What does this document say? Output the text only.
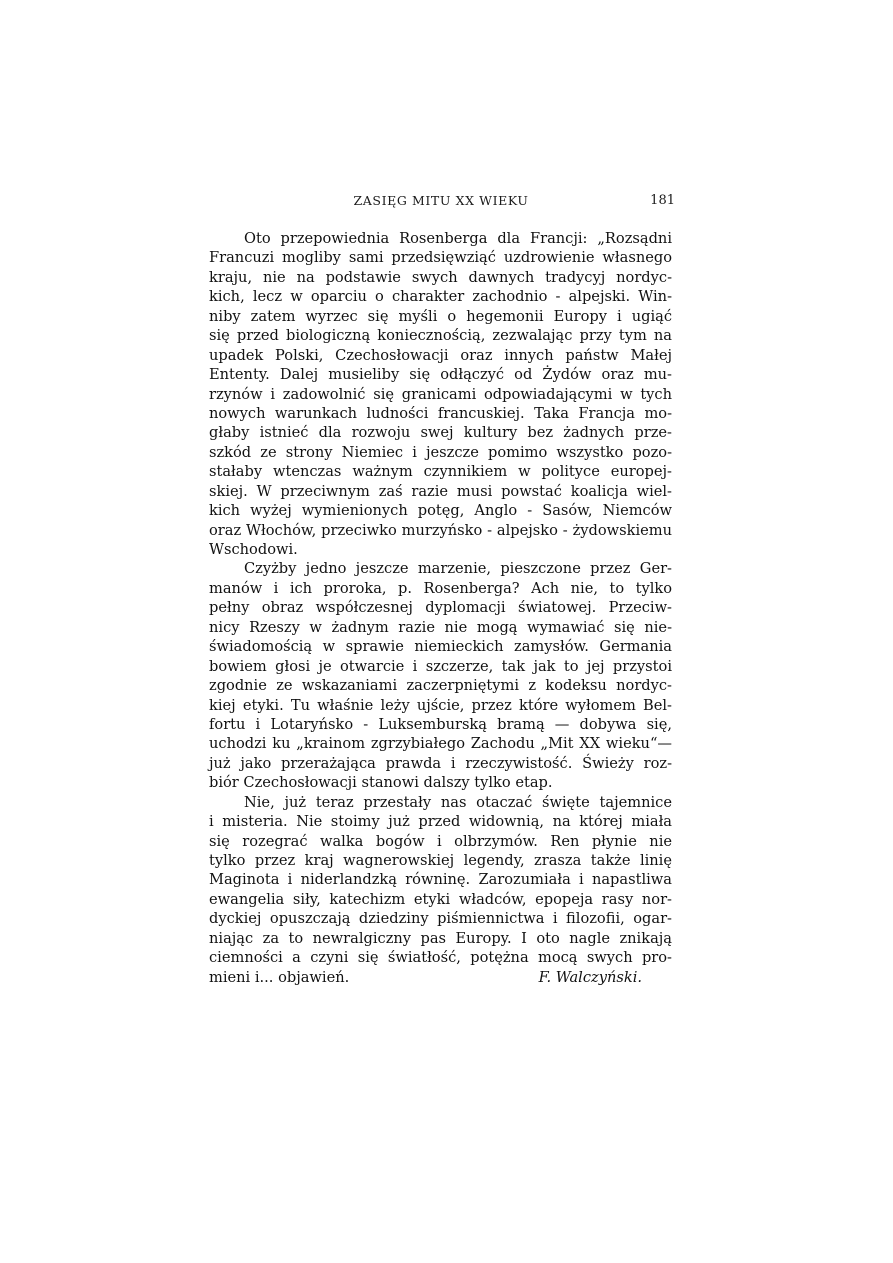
ZASIĘG MITU XX WIEKU	181
Oto przepowiednia Rosenberga dla Francji: „Rozsądni
Francuzi mogliby sami przedsięwziąć uzdrowienie własnego
kraju, nie na podstawie swych dawnych tradycyj nordyc-
kich, lecz w oparciu o charakter zachodnio - alpejski. Win-
niby zatem wyrzec się myśli o hegemonii Europy i ugiąć
się przed biologiczną koniecznością, zezwalając przy tym na
upadek Polski, Czechosłowacji oraz innych państw Małej
Ententy. Dalej musieliby się odłączyć od Żydów oraz mu-
rzynów i zadowolnić się granicami odpowiadającymi w tych
nowych warunkach ludności francuskiej. Taka Francja mo-
głaby istnieć dla rozwoju swej kultury bez żadnych prze-
szkód ze strony Niemiec i jeszcze pomimo wszystko pozo-
stałaby wtenczas ważnym czynnikiem w polityce europej-
skiej. W przeciwnym zaś razie musi powstać koalicja wiel-
kich wyżej wymienionych potęg, Anglo - Sasów, Niemców
oraz Włochów, przeciwko murzyńsko - alpejsko - żydowskiemu
Wschodowi.
Czyżby jedno jeszcze marzenie, pieszczone przez Ger-
manów i ich proroka, p. Rosenberga? Ach nie, to tylko
pełny obraz współczesnej dyplomacji światowej. Przeciw-
nicy Rzeszy w żadnym razie nie mogą wymawiać się nie-
świadomością w sprawie niemieckich zamysłów. Germania
bowiem głosi je otwarcie i szczerze, tak jak to jej przystoi
zgodnie ze wskazaniami zaczerpniętymi z kodeksu nordyc-
kiej etyki. Tu właśnie leży ujście, przez które wyłomem Bel-
fortu i Lotaryńsko - Luksemburską bramą — dobywa się,
uchodzi ku „krainom zgrzybiałego Zachodu „Mit XX wieku“—
już jako przerażająca prawda i rzeczywistość. Świeży roz-
biór Czechosłowacji stanowi dalszy tylko etap.
Nie, już teraz przestały nas otaczać święte tajemnice
i misteria. Nie stoimy już przed widownią, na której miała
się rozegrać walka bogów i olbrzymów. Ren płynie nie
tylko przez kraj wagnerowskiej legendy, zrasza także linię
Maginota i niderlandzką równinę. Zarozumiała i napastliwa
ewangelia siły, katechizm etyki władców, epopeja rasy nor-
dyckiej opuszczają dziedziny piśmiennictwa i filozofii, ogar-
niając za to newralgiczny pas Europy. I oto nagle znikają
ciemności a czyni się światłość, potężna mocą swych pro-
mieni i... objawień.	F. Walczyński.
